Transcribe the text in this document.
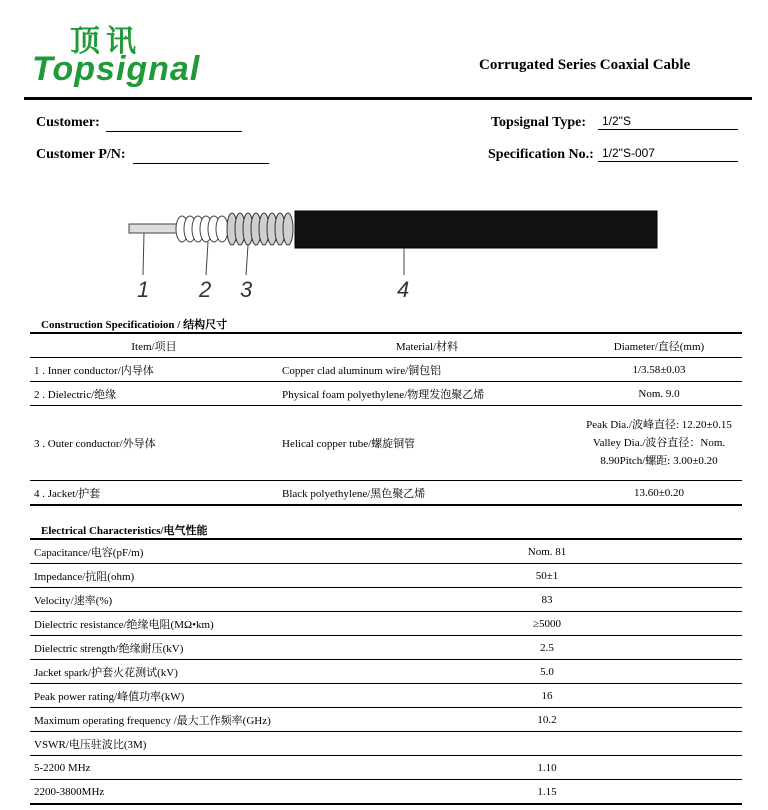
顶讯
Topsignal	Corrugated Series Coaxial Cable
Customer:
Customer P/N:
Topsignal Type:	1/2"S
Specification No.: 1/2"S-007
1 2 3	4
Construction Specificatioion / 结构尺寸
Item/项目	Material/材料	Diameter/直径(mm)
1 . Inner conductor/内导体	Copper clad aluminum wire/铜包铝	1/3.58±0.03
2 . Dielectric/绝缘	Physical foam polyethylene/物理发泡聚乙烯	Nom. 9.0
3 . Outer conductor/外导体	Helical copper tube/螺旋铜管	Peak Dia./波峰直径: 12.20±0.15 Valley Dia./波谷直径：Nom. 8.90Pitch/螺距: 3.00±0.20
4 . Jacket/护套	Black polyethylene/黑色聚乙烯	13.60±0.20
Electrical Characteristics/电气性能
Capacitance/电容(pF/m)	Nom. 81	
Impedance/抗阻(ohm)	50±1	
Velocity/速率(%)	83	
Dielectric resistance/绝缘电阻(MΩ•km)	≥5000	
Dielectric strength/绝缘耐压(kV)	2.5	
Jacket spark/护套火花测试(kV)	5.0	
Peak power rating/峰值功率(kW)	16	
Maximum operating frequency /最大工作频率(GHz)	10.2	
VSWR/电压驻波比(3M)		
5-2200 MHz	1.10	
2200-3800MHz	1.15	
